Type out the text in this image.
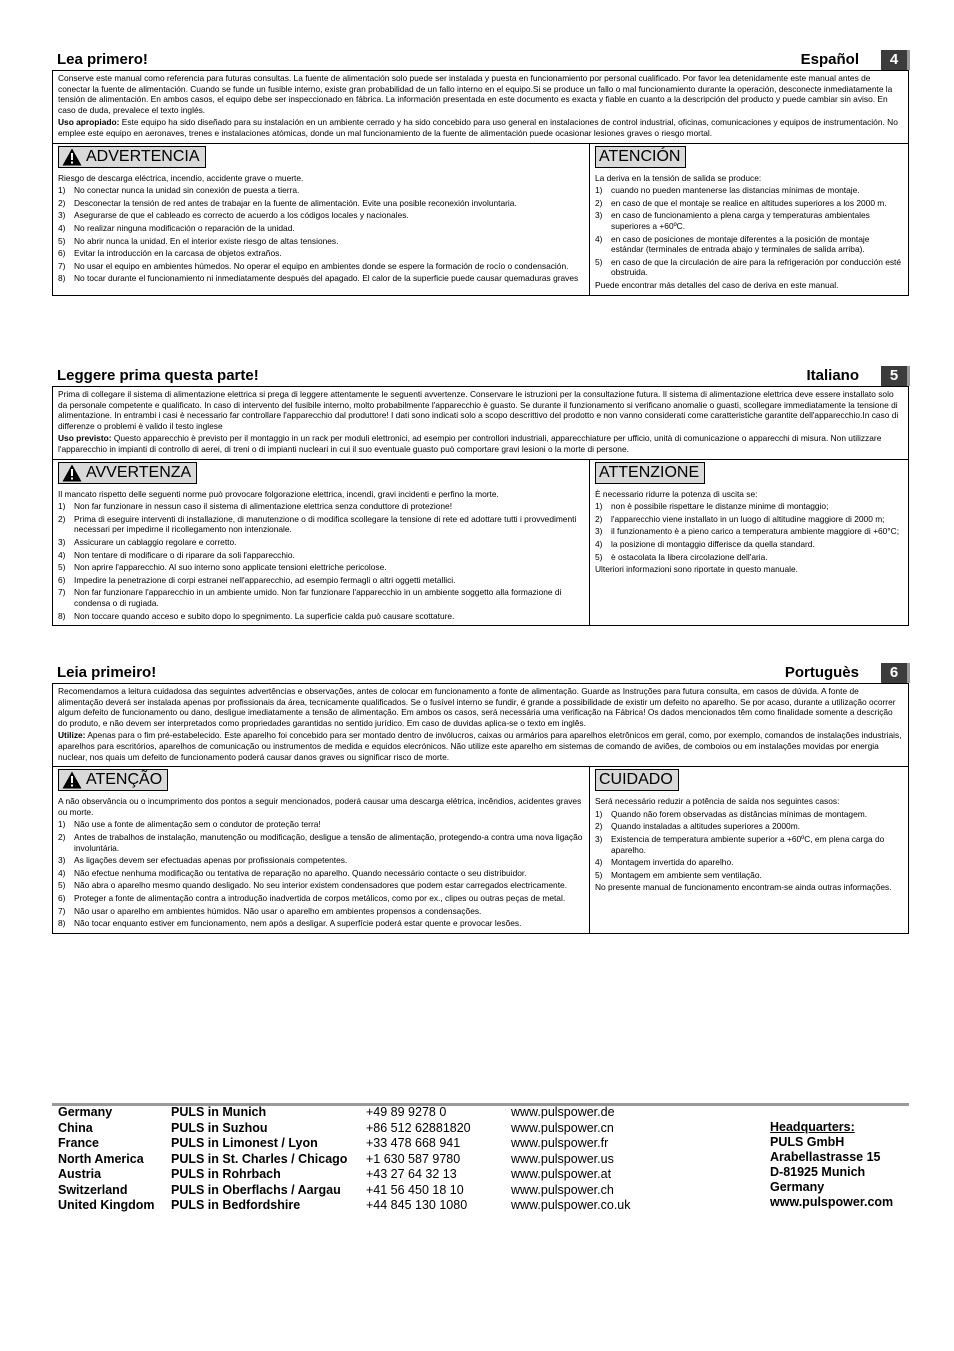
Lea primero!	Español	4

Conserve este manual como referencia para futuras consultas. La fuente de alimentación solo puede ser instalada y puesta en funcionamiento por personal cualificado. Por favor lea detenidamente este manual antes de conectar la fuente de alimentación. Cuando se funde un fusible interno, existe gran probabilidad de un fallo interno en el equipo.Si se produce un fallo o mal funcionamiento durante la operación, desconecte inmediatamente la tensión de alimentación. En ambos casos, el equipo debe ser inspeccionado en fábrica. La información presentada en este documento es exacta y fiable en cuanto a la descripción del producto y puede cambiar sin aviso. En caso de duda, prevalece el texto inglés.

Uso apropiado: Este equipo ha sido diseñado para su instalación en un ambiente cerrado y ha sido concebido para uso general en instalaciones de control industrial, oficinas, comunicaciones y equipos de instrumentación. No emplee este equipo en aeronaves, trenes e instalaciones atómicas, donde un mal funcionamiento de la fuente de alimentación puede ocasionar lesiones graves o riesgo mortal.

ADVERTENCIA

Riesgo de descarga eléctrica, incendio, accidente grave o muerte.

1) No conectar nunca la unidad sin conexión de puesta a tierra.
2) Desconectar la tensión de red antes de trabajar en la fuente de alimentación. Evite una posible reconexión involuntaria.
3) Asegurarse de que el cableado es correcto de acuerdo a los códigos locales y nacionales.
4) No realizar ninguna modificación o reparación de la unidad.
5) No abrir nunca la unidad. En el interior existe riesgo de altas tensiones.
6) Evitar la introducción en la carcasa de objetos extraños.
7) No usar el equipo en ambientes húmedos. No operar el equipo en ambientes donde se espere la formación de rocío o condensación.
8) No tocar durante el funcionamiento ni inmediatamente después del apagado. El calor de la superficie puede causar quemaduras graves
ATENCIÓN

La deriva en la tensión de salida se produce:

1) cuando no pueden mantenerse las distancias mínimas de montaje.
2) en caso de que el montaje se realice en altitudes superiores a los 2000 m.
3) en caso de funcionamiento a plena carga y temperaturas ambientales superiores a +60ºC.
4) en caso de posiciones de montaje diferentes a la posición de montaje estándar (terminales de entrada abajo y terminales de salida arriba).
5) en caso de que la circulación de aire para la refrigeración por conducción esté obstruida.

Puede encontrar más detalles del caso de deriva en este manual.

Leggere prima questa parte!	Italiano	5

Prima di collegare il sistema di alimentazione elettrica si prega di leggere attentamente le seguenti avvertenze. Conservare le istruzioni per la consultazione futura. Il sistema di alimentazione elettrica deve essere installato solo da personale competente e qualificato. In caso di intervento del fusibile interno, molto probabilmente l'apparecchio è guasto. Se durante il funzionamento si verificano anomalie o guasti, scollegare immediatamente la tensione di alimentazione. In entrambi i casi è necessario far controllare l'apparecchio dal produttore! I dati sono indicati solo a scopo descrittivo del prodotto e non vanno considerati come caratteristiche garantite dell'apparecchio.In caso di differenze o problemi è valido il testo inglese

Uso previsto: Questo apparecchio è previsto per il montaggio in un rack per moduli elettronici, ad esempio per controllori industriali, apparecchiature per ufficio, unità di comunicazione o apparecchi di misura. Non utilizzare l'apparecchio in impianti di controllo di aerei, di treni o di impianti nucleari in cui il suo eventuale guasto può comportare gravi lesioni o la morte di persone.

AVVERTENZA

Il mancato rispetto delle seguenti norme può provocare folgorazione elettrica, incendi, gravi incidenti e perfino la morte.

1) Non far funzionare in nessun caso il sistema di alimentazione elettrica senza conduttore di protezione!
2) Prima di eseguire interventi di installazione, di manutenzione o di modifica scollegare la tensione di rete ed adottare tutti i provvedimenti necessari per impedirne il ricollegamento non intenzionale.
3) Assicurare un cablaggio regolare e corretto.
4) Non tentare di modificare o di riparare da soli l'apparecchio.
5) Non aprire l'apparecchio. Al suo interno sono applicate tensioni elettriche pericolose.
6) Impedire la penetrazione di corpi estranei nell'apparecchio, ad esempio fermagli o altri oggetti metallici.
7) Non far funzionare l'apparecchio in un ambiente umido. Non far funzionare l'apparecchio in un ambiente soggetto alla formazione di condensa o di rugiada.
8) Non toccare quando acceso e subito dopo lo spegnimento. La superficie calda può causare scottature.
ATTENZIONE

È necessario ridurre la potenza di uscita se:

1) non è possibile rispettare le distanze minime di montaggio;
2) l'apparecchio viene installato in un luogo di altitudine maggiore di 2000 m;
3) il funzionamento è a pieno carico a temperatura ambiente maggiore di +60°C;
4) la posizione di montaggio differisce da quella standard.
5) è ostacolata la libera circolazione dell'aria.

Ulteriori informazioni sono riportate in questo manuale.

Leia primeiro!	Portuguès	6

Recomendamos a leitura cuidadosa das seguintes advertências e observações, antes de colocar em funcionamento a fonte de alimentação. Guarde as Instruções para futura consulta, em casos de dúvida. A fonte de alimentação deverá ser instalada apenas por profissionais da área, tecnicamente qualificados. Se o fusível interno se fundir, é grande a possibilidade de existir um defeito no aparelho. Se por acaso, durante a utilização ocorrer algum defeito de funcionamento ou dano, desligue imediatamente a tensão de alimentação. Em ambos os casos, será necessária uma verificação na Fábrica! Os dados mencionados têm como finalidade somente a descrição do produto, e não devem ser interpretados como propriedades garantidas no sentido jurídico. Em caso de duvidas aplica-se o texto em inglês.

Utilize: Apenas para o fim pré-estabelecido. Este aparelho foi concebido para ser montado dentro de invólucros, caixas ou armários para aparelhos eletrônicos em geral, como, por exemplo, comandos de instalações industriais, aparelhos para escritórios, aparelhos de comunicação ou instrumentos de medida e equidos elecrónicos. Não utilize este aparelho em sistemas de comando de aviões, de comboios ou em instalações movidas por energia nuclear, nos quais um defeito de funcionamento poderá causar danos graves ou significar risco de morte.

ATENÇÃO

A não observância ou o incumprimento dos pontos a seguir mencionados, poderá causar uma descarga elétrica, incêndios, acidentes graves ou morte.

1) Não use a fonte de alimentação sem o condutor de proteção terra!
2) Antes de trabalhos de instalação, manutenção ou modificação, desligue a tensão de alimentação, protegendo-a contra uma nova ligação involuntária.
3) As ligações devem ser efectuadas apenas por profissionais competentes.
4) Não efectue nenhuma modificação ou tentativa de reparação no aparelho. Quando necessário contacte o seu distribuidor.
5) Não abra o aparelho mesmo quando desligado. No seu interior existem condensadores que podem estar carregados electricamente.
6) Proteger a fonte de alimentação contra a introdução inadvertida de corpos metálicos, como por ex., clipes ou outras peças de metal.
7) Não usar o aparelho em ambientes húmidos. Não usar o aparelho em ambientes propensos a condensações.
8) Não tocar enquanto estiver em funcionamento, nem após a desligar. A superfície poderá estar quente e provocar lesões.
CUIDADO

Será necessário reduzir a potência de saída nos seguintes casos:

1) Quando não forem observadas as distâncias mínimas de montagem.
2) Quando instaladas a altitudes superiores a 2000m.
3) Existencia de temperatura ambiente superior a +60ºC, em plena carga do aparelho.
4) Montagem invertida do aparelho.
5) Montagem em ambiente sem ventilação.

No presente manual de funcionamento encontram-se ainda outras informações.

Germany	PULS in Munich	+49 89 9278 0	www.pulspower.de
China	PULS in Suzhou	+86 512 62881820	www.pulspower.cn
France	PULS in Limonest / Lyon	+33 478 668 941	www.pulspower.fr
North America	PULS in St. Charles / Chicago	+1 630 587 9780	www.pulspower.us
Austria	PULS in Rohrbach	+43 27 64 32 13	www.pulspower.at
Switzerland	PULS in Oberflachs / Aargau	+41 56 450 18 10	www.pulspower.ch
United Kingdom	PULS in Bedfordshire	+44 845 130 1080	www.pulspower.co.uk
Headquarters:
PULS GmbH
Arabellastrasse 15
D-81925 Munich
Germany
www.pulspower.com
